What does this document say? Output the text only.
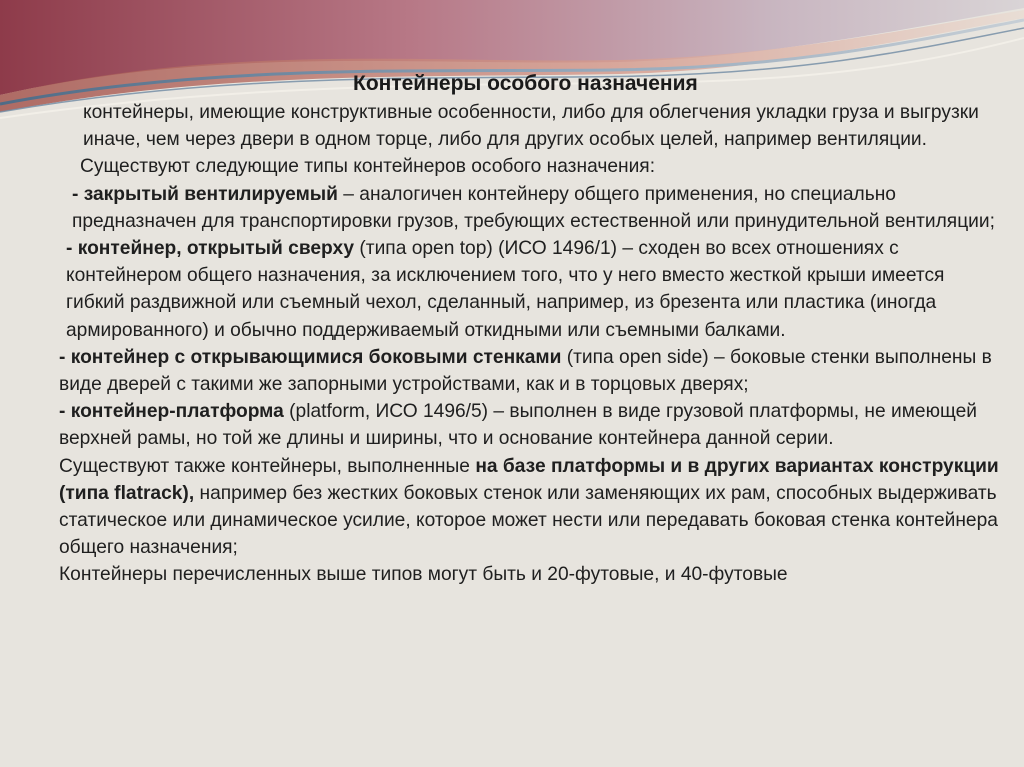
Контейнеры особого назначения

контейнеры, имеющие конструктивные особенности, либо для облегчения укладки груза и выгрузки иначе, чем через двери в одном торце, либо для других особых целей, например вентиляции.

Существуют следующие типы контейнеров особого назначения:

- закрытый вентилируемый – аналогичен контейнеру общего применения, но специально предназначен для транспортировки грузов, требующих естественной или принудительной вентиляции;

- контейнер, открытый сверху (типа open top) (ИСО 1496/1) – сходен во всех отношениях с контейнером общего назначения, за исключением того, что у него вместо жесткой крыши имеется гибкий раздвижной или съемный чехол, сделанный, например, из брезента или пластика (иногда армированного) и обычно поддерживаемый откидными или съемными балками.

- контейнер с открывающимися боковыми стенками (типа open side) – боковые стенки выполнены в виде дверей с такими же запорными устройствами, как и в торцовых дверях;

- контейнер-платформа (platform, ИСО 1496/5) – выполнен в виде грузовой платформы, не имеющей верхней рамы, но той же длины и ширины, что и основание контейнера данной серии.

Существуют также контейнеры, выполненные на базе платформы и в других вариантах конструкции (типа flatrack), например без жестких боковых стенок или заменяющих их рам, способных выдерживать статическое или динамическое усилие, которое может нести или передавать боковая стенка контейнера общего назначения;

Контейнеры перечисленных выше типов могут быть и 20-футовые, и 40-футовые
